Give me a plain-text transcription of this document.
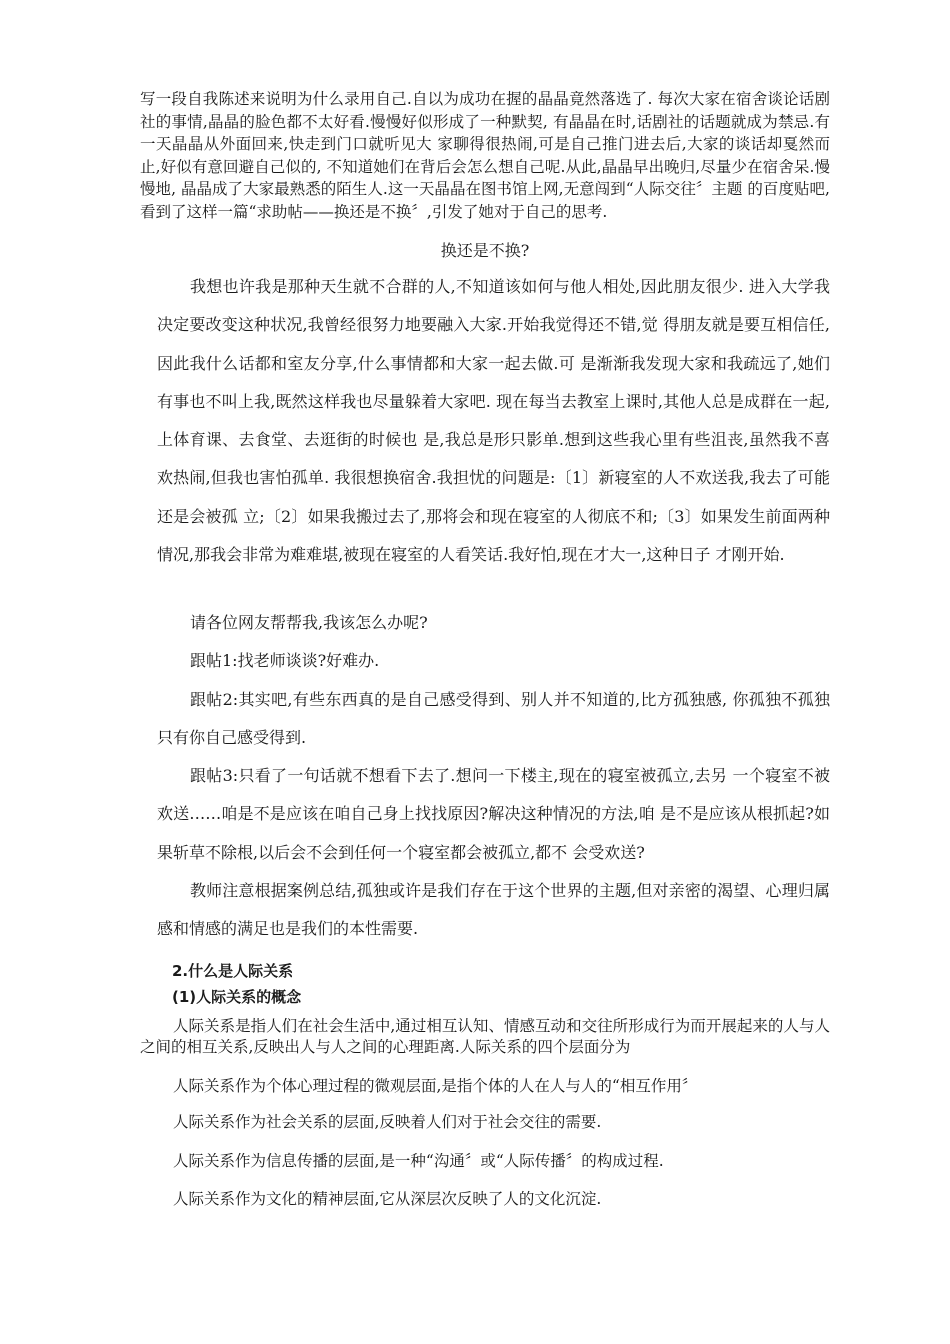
写一段自我陈述来说明为什么录用自己.自以为成功在握的晶晶竟然落选了. 每次大家在宿舍谈论话剧社的事情,晶晶的脸色都不太好看.慢慢好似形成了一种默契, 有晶晶在时,话剧社的话题就成为禁忌.有一天晶晶从外面回来,快走到门口就听见大 家聊得很热闹,可是自己推门进去后,大家的谈话却戛然而止,好似有意回避自己似的, 不知道她们在背后会怎么想自己呢.从此,晶晶早出晚归,尽量少在宿舍呆.慢慢地, 晶晶成了大家最熟悉的陌生人.这一天晶晶在图书馆上网,无意闯到“人际交往〞主题 的百度贴吧,看到了这样一篇“求助帖——换还是不换〞,引发了她对于自己的思考.
换还是不换?
我想也许我是那种天生就不合群的人,不知道该如何与他人相处,因此朋友很少. 进入大学我决定要改变这种状况,我曾经很努力地要融入大家.开始我觉得还不错,觉 得朋友就是要互相信任,因此我什么话都和室友分享,什么事情都和大家一起去做.可 是渐渐我发现大家和我疏远了,她们有事也不叫上我,既然这样我也尽量躲着大家吧. 现在每当去教室上课时,其他人总是成群在一起,上体育课、去食堂、去逛街的时候也 是,我总是形只影单.想到这些我心里有些沮丧,虽然我不喜欢热闹,但我也害怕孤单. 我很想换宿舍.我担忧的问题是:〔1〕新寝室的人不欢送我,我去了可能还是会被孤 立;〔2〕如果我搬过去了,那将会和现在寝室的人彻底不和;〔3〕如果发生前面两种 情况,那我会非常为难难堪,被现在寝室的人看笑话.我好怕,现在才大一,这种日子 才刚开始.
请各位网友帮帮我,我该怎么办呢?
跟帖1:找老师谈谈?好难办.
跟帖2:其实吧,有些东西真的是自己感受得到、别人并不知道的,比方孤独感, 你孤独不孤独只有你自己感受得到.
跟帖3:只看了一句话就不想看下去了.想问一下楼主,现在的寝室被孤立,去另 一个寝室不被欢送……咱是不是应该在咱自己身上找找原因?解决这种情况的方法,咱 是不是应该从根抓起?如果斩草不除根,以后会不会到任何一个寝室都会被孤立,都不 会受欢送?
教师注意根据案例总结,孤独或许是我们存在于这个世界的主题,但对亲密的渴望、心理归属感和情感的满足也是我们的本性需要.
2.什么是人际关系
(1)人际关系的概念
人际关系是指人们在社会生活中,通过相互认知、情感互动和交往所形成行为而开展起来的人与人之间的相互关系,反映出人与人之间的心理距离.人际关系的四个层面分为
人际关系作为个体心理过程的微观层面,是指个体的人在人与人的“相互作用〞
人际关系作为社会关系的层面,反映着人们对于社会交往的需要.
人际关系作为信息传播的层面,是一种“沟通〞或“人际传播〞的构成过程.
人际关系作为文化的精神层面,它从深层次反映了人的文化沉淀.
